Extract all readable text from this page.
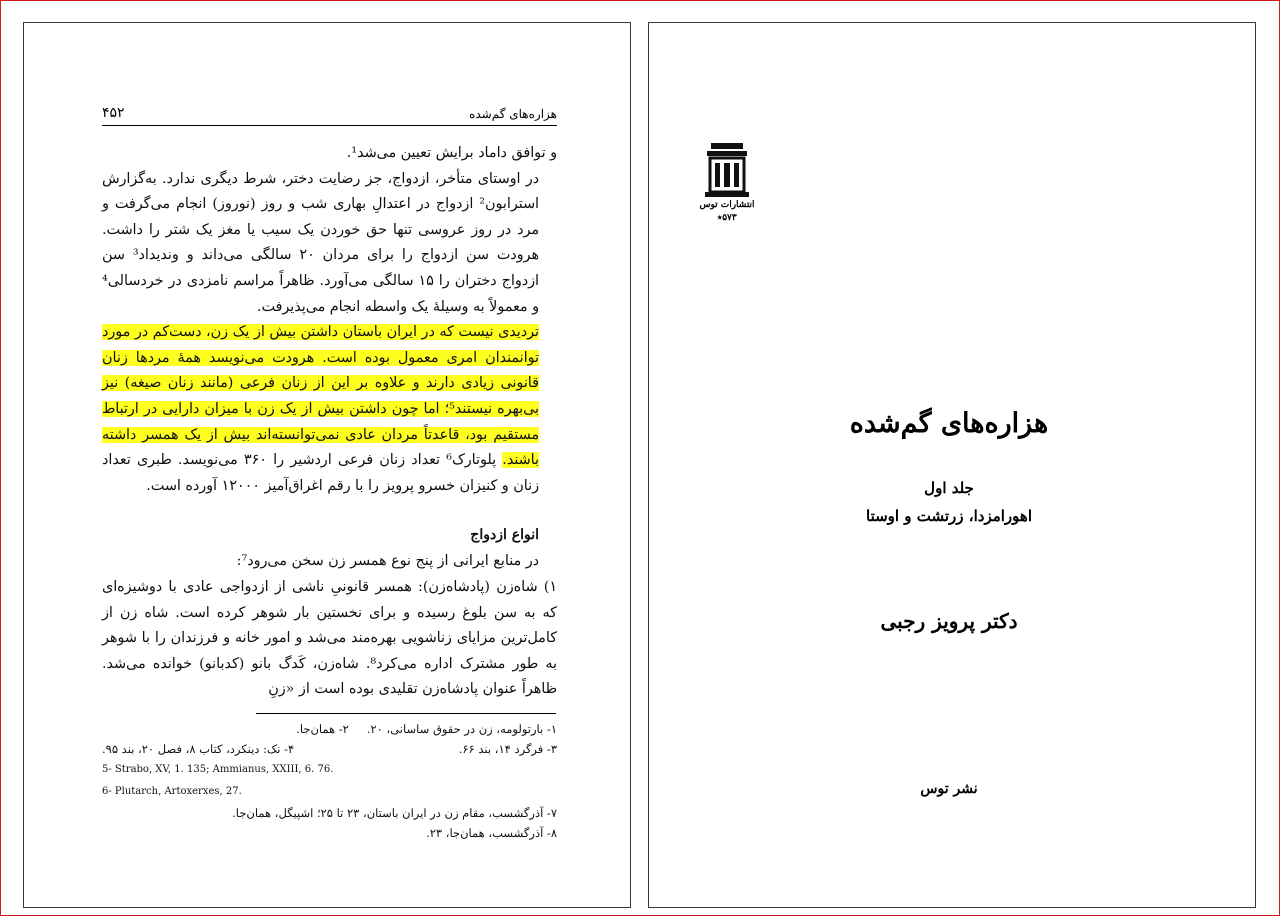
هزاره‌های گم‌شده
۴۵۲

و توافق داماد برایش تعیین می‌شد¹.

در اوستای متأخر، ازدواج، جز رضایت دختر، شرط دیگری ندارد. به‌گزارش استرابون² ازدواج در اعتدالِ بهاری شب و روز (نوروز) انجام می‌گرفت و مرد در روز عروسی تنها حق خوردن یک سیب یا مغز یک شتر را داشت. هرودت سن ازدواج را برای مردان ۲۰ سالگی می‌داند و وندیداد³ سن ازدواج دختران را ۱۵ سالگی می‌آورد. ظاهراً مراسم نامزدی در خردسالی⁴ و معمولاً به وسیلهٔ یک واسطه انجام می‌پذیرفت.

تردیدی نیست که در ایران باستان داشتن بیش از یک زن، دست‌کم در مورد توانمندان امری معمول بوده است. هرودت می‌نویسد همهٔ مردها زنان قانونی زیادی دارند و علاوه بر این از زنان فرعی (مانند زنان صیغه) نیز بی‌بهره نیستند⁵؛ اما چون داشتن بیش از یک زن با میزان دارایی در ارتباط مستقیم بود، قاعدتاً مردان عادی نمی‌توانسته‌اند بیش از یک همسر داشته باشند. پلوتارک⁶ تعداد زنان فرعی اردشیر را ۳۶۰ می‌نویسد. طبری تعداد زنان و کنیزان خسرو پرویز را با رقم اغراق‌آمیز ۱۲۰۰۰ آورده است.

انواع ازدواج

در منابع ایرانی از پنج نوع همسر زن سخن می‌رود⁷:

۱) شاه‌زن (پادشاه‌زن): همسر قانونیِ ناشی از ازدواجی عادی با دوشیزه‌ای که به سن بلوغ رسیده و برای نخستین بار شوهر کرده است. شاه زن از کامل‌ترین مزایای زناشویی بهره‌مند می‌شد و امور خانه و فرزندان را با شوهر به طور مشترک اداره می‌کرد⁸. شاه‌زن، کَدگ بانو (کدبانو) خوانده می‌شد. ظاهراً عنوان پادشاه‌زن تقلیدی بوده است از «زنِ

۱- بارتولومه، زن در حقوق ساسانی، ۲۰.
۲- همان‌جا.
۳- فرگرد ۱۴، بند ۶۶.
۴- نک: دینکرد، کتاب ۸، فصل ۲۰، بند ۹۵.
5- Strabo, XV, 1. 135; Ammianus, XXIII, 6. 76.
6- Plutarch, Artoxerxes, 27.
۷- آذرگشسب، مقام زن در ایران باستان، ۲۳ تا ۲۵؛ اشپیگل، همان‌جا.
۸- آذرگشسب، همان‌جا، ۲۳.
انتشارات توس
۵۷۳٭
هزاره‌های گم‌شده
جلد اول
اهورامزدا، زرتشت و اوستا
دکتر پرویز رجبی
نشر توس
